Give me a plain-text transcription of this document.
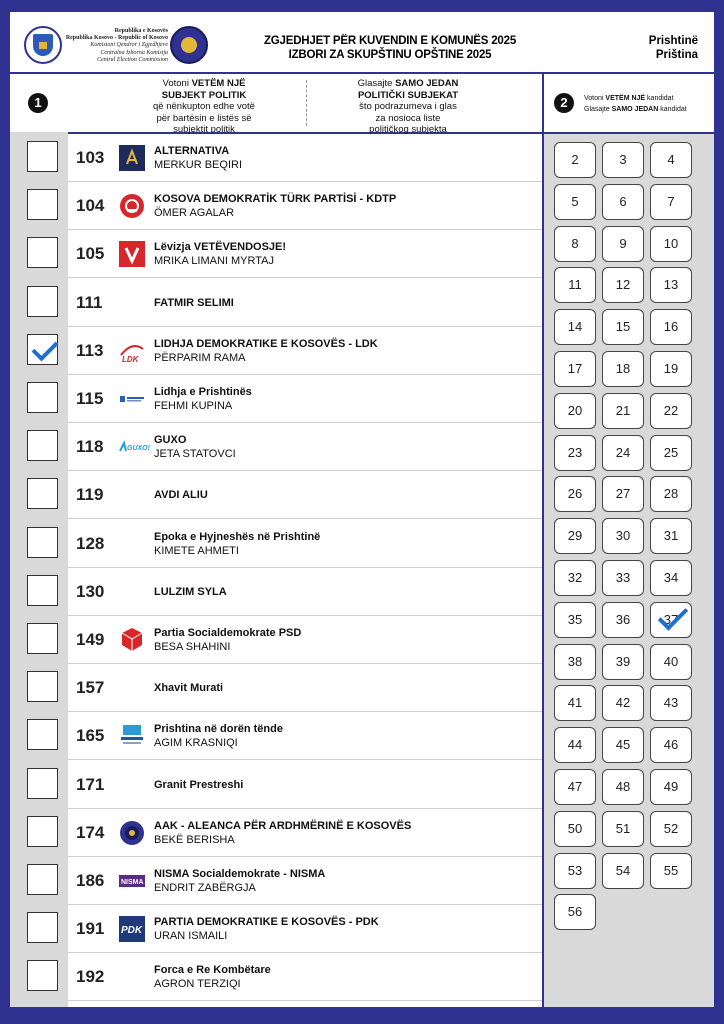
Republika e Kosovës
Republika Kosovo - Republic of Kosovo
Komisioni Qendror i Zgjedhjeve
Centralna Izborna Komisija
Central Election Commission
ZGJEDHJET PËR KUVENDIN E KOMUNËS 2025
IZBORI ZA SKUPŠTINU OPŠTINE 2025
Prishtinë
Priština
1
Votoni VETËM NJË
SUBJEKT POLITIK
që nënkupton edhe votë
për bartësin e listës së
subjektit politik
Glasajte SAMO JEDAN
POLITIČKI SUBJEKAT
što podrazumeva i glas
za nosioca liste
političkog subjekta
103	ALTERNATIVA
MERKUR BEQIRI
104	KOSOVA DEMOKRATİK TÜRK PARTİSİ - KDTP
ÖMER AGALAR
105	Lëvizja VETËVENDOSJE!
MRIKA LIMANI MYRTAJ
111	FATMIR SELIMI
113	LDK
LIDHJA DEMOKRATIKE E KOSOVËS - LDK
PËRPARIM RAMA
115	Lidhja e Prishtinës
FEHMI KUPINA
118	GUXO!
GUXO
JETA STATOVCI
119	AVDI ALIU
128	Epoka e Hyjneshës në Prishtinë
KIMETE AHMETI
130	LULZIM SYLA
149	Partia Socialdemokrate PSD
BESA SHAHINI
157	Xhavit Murati
165	Prishtina në dorën tënde
AGIM KRASNIQI
171	Granit Prestreshi
174	AAK - ALEANCA PËR ARDHMËRINË E KOSOVËS
BEKË BERISHA
186	NISMA
NISMA Socialdemokrate - NISMA
ENDRIT ZABËRGJA
191	PDK
PARTIA DEMOKRATIKE E KOSOVËS - PDK
URAN ISMAILI
192	Forca e Re Kombëtare
AGRON TERZIQI
2	Votoni VETËM NJË kandidat
Glasajte SAMO JEDAN kandidat
2	3	4
5	6	7
8	9	10
11	12	13
14	15	16
17	18	19
20	21	22
23	24	25
26	27	28
29	30	31
32	33	34
35	36	37
38	39	40
41	42	43
44	45	46
47	48	49
50	51	52
53	54	55
56
